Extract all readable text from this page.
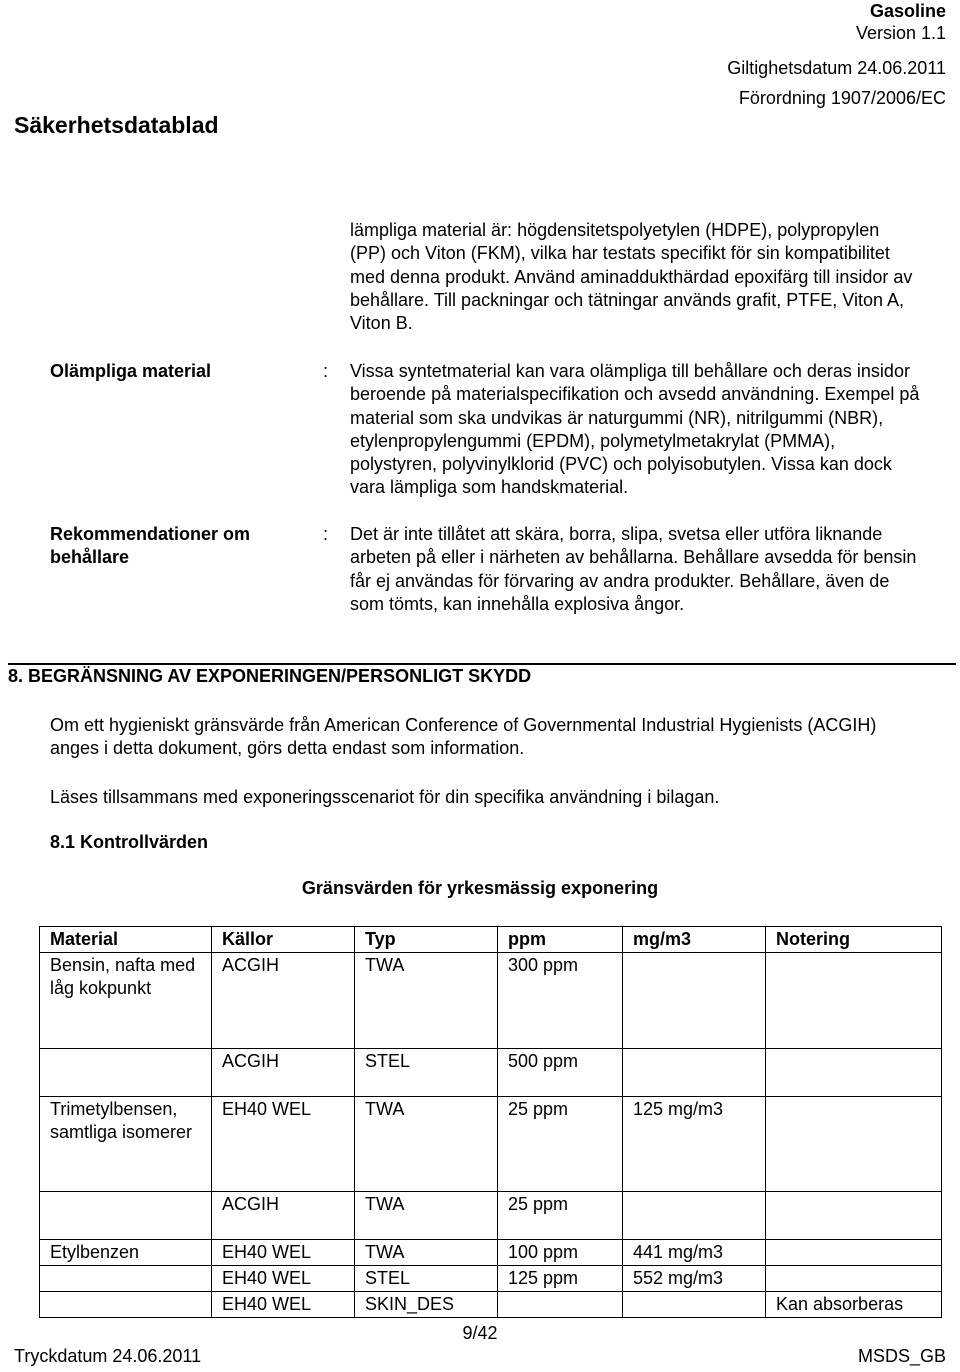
Gasoline
Version 1.1
Giltighetsdatum 24.06.2011
Förordning 1907/2006/EC
Säkerhetsdatablad
lämpliga material är: högdensitetspolyetylen (HDPE), polypropylen (PP) och Viton (FKM), vilka har testats specifikt för sin kompatibilitet med denna produkt. Använd aminaddukthärdad epoxifärg till insidor av behållare. Till packningar och tätningar används grafit, PTFE, Viton A, Viton B.
Olämpliga material	: Vissa syntetmaterial kan vara olämpliga till behållare och deras insidor beroende på materialspecifikation och avsedd användning. Exempel på material som ska undvikas är naturgummi (NR), nitrilgummi (NBR), etylenpropylengummi (EPDM), polymetylmetakrylat (PMMA), polystyren, polyvinylklorid (PVC) och polyisobutylen. Vissa kan dock vara lämpliga som handskmaterial.
Rekommendationer om
behållare
: Det är inte tillåtet att skära, borra, slipa, svetsa eller utföra liknande arbeten på eller i närheten av behållarna. Behållare avsedda för bensin får ej användas för förvaring av andra produkter. Behållare, även de som tömts, kan innehålla explosiva ångor.
8. BEGRÄNSNING AV EXPONERINGEN/PERSONLIGT SKYDD
Om ett hygieniskt gränsvärde från American Conference of Governmental Industrial Hygienists (ACGIH) anges i detta dokument, görs detta endast som information.
Läses tillsammans med exponeringsscenariot för din specifika användning i bilagan.
8.1 Kontrollvärden
Gränsvärden för yrkesmässig exponering
Material	Källor	Typ	ppm	mg/m3	Notering
Bensin, nafta med låg kokpunkt	ACGIH	TWA	300 ppm		
	ACGIH	STEL	500 ppm		
Trimetylbensen, samtliga isomerer	EH40 WEL	TWA	25 ppm	125 mg/m3	
	ACGIH	TWA	25 ppm		
Etylbenzen	EH40 WEL	TWA	100 ppm	441 mg/m3	
	EH40 WEL	STEL	125 ppm	552 mg/m3	
	EH40 WEL	SKIN_DES			Kan absorberas
9/42
Tryckdatum 24.06.2011	MSDS_GB
